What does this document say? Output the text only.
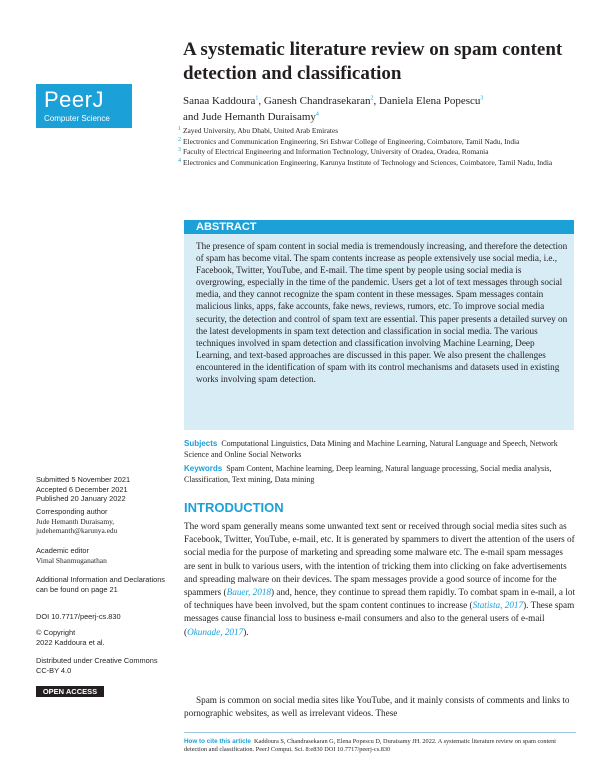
PeerJ
Computer Science
A systematic literature review on spam content detection and classification
Sanaa Kaddoura$^1$, Ganesh Chandrasekaran$^2$, Daniela Elena Popescu$^3$
and Jude Hemanth Duraisamy$^4$

1 Zayed University, Abu Dhabi, United Arab Emirates

2 Electronics and Communication Engineering, Sri Eshwar College of Engineering, Coimbatore, Tamil Nadu, India

3 Faculty of Electrical Engineering and Information Technology, University of Oradea, Oradea, Romania

4 Electronics and Communication Engineering, Karunya Institute of Technology and Sciences, Coimbatore, Tamil Nadu, India

ABSTRACT

The presence of spam content in social media is tremendously increasing, and therefore the detection of spam has become vital. The spam contents increase as people extensively use social media, i.e., Facebook, Twitter, YouTube, and E-mail. The time spent by people using social media is overgrowing, especially in the time of the pandemic. Users get a lot of text messages through social media, and they cannot recognize the spam content in these messages. Spam messages contain malicious links, apps, fake accounts, fake news, reviews, rumors, etc. To improve social media security, the detection and control of spam text are essential. This paper presents a detailed survey on the latest developments in spam text detection and classification in social media. The various techniques involved in spam detection and classification involving Machine Learning, Deep Learning, and text-based approaches are discussed in this paper. We also present the challenges encountered in the identification of spam with its control mechanisms and datasets used in existing works involving spam detection.

Subjects Computational Linguistics, Data Mining and Machine Learning, Natural Language and Speech, Network Science and Online Social Networks
Keywords Spam Content, Machine learning, Deep learning, Natural language processing, Social media analysis, Classification, Text mining, Data mining
Submitted 5 November 2021
Accepted 6 December 2021
Published 20 January 2022
Corresponding author
Jude Hemanth Duraisamy,
judehemanth@karunya.edu
Academic editor
Vimal Shanmuganathan
Additional Information and Declarations can be found on page 21
DOI 10.7717/peerj-cs.830
© Copyright
2022 Kaddoura et al.
Distributed under Creative Commons CC-BY 4.0
OPEN ACCESS
INTRODUCTION

The word spam generally means some unwanted text sent or received through social media sites such as Facebook, Twitter, YouTube, e-mail, etc. It is generated by spammers to divert the attention of the users of social media for the purpose of marketing and spreading some malware etc. The e-mail spam messages are sent in bulk to various users, with the intention of tricking them into clicking on fake advertisements and spreading malware on their devices. The spam messages provide a good source of income for the spammers (Bauer, 2018) and, hence, they continue to spread them rapidly. To combat spam in e-mail, a lot of techniques have been involved, but the spam content continues to increase (Statista, 2017). These spam messages cause financial loss to business e-mail consumers and also to the general users of e-mail (Okunade, 2017).

Spam is common on social media sites like YouTube, and it mainly consists of comments and links to pornographic websites, as well as irrelevant videos. These

How to cite this article Kaddoura S, Chandrasekaran G, Elena Popescu D, Duraisamy JH. 2022. A systematic literature review on spam content detection and classification. PeerJ Comput. Sci. 8:e830 DOI 10.7717/peerj-cs.830
